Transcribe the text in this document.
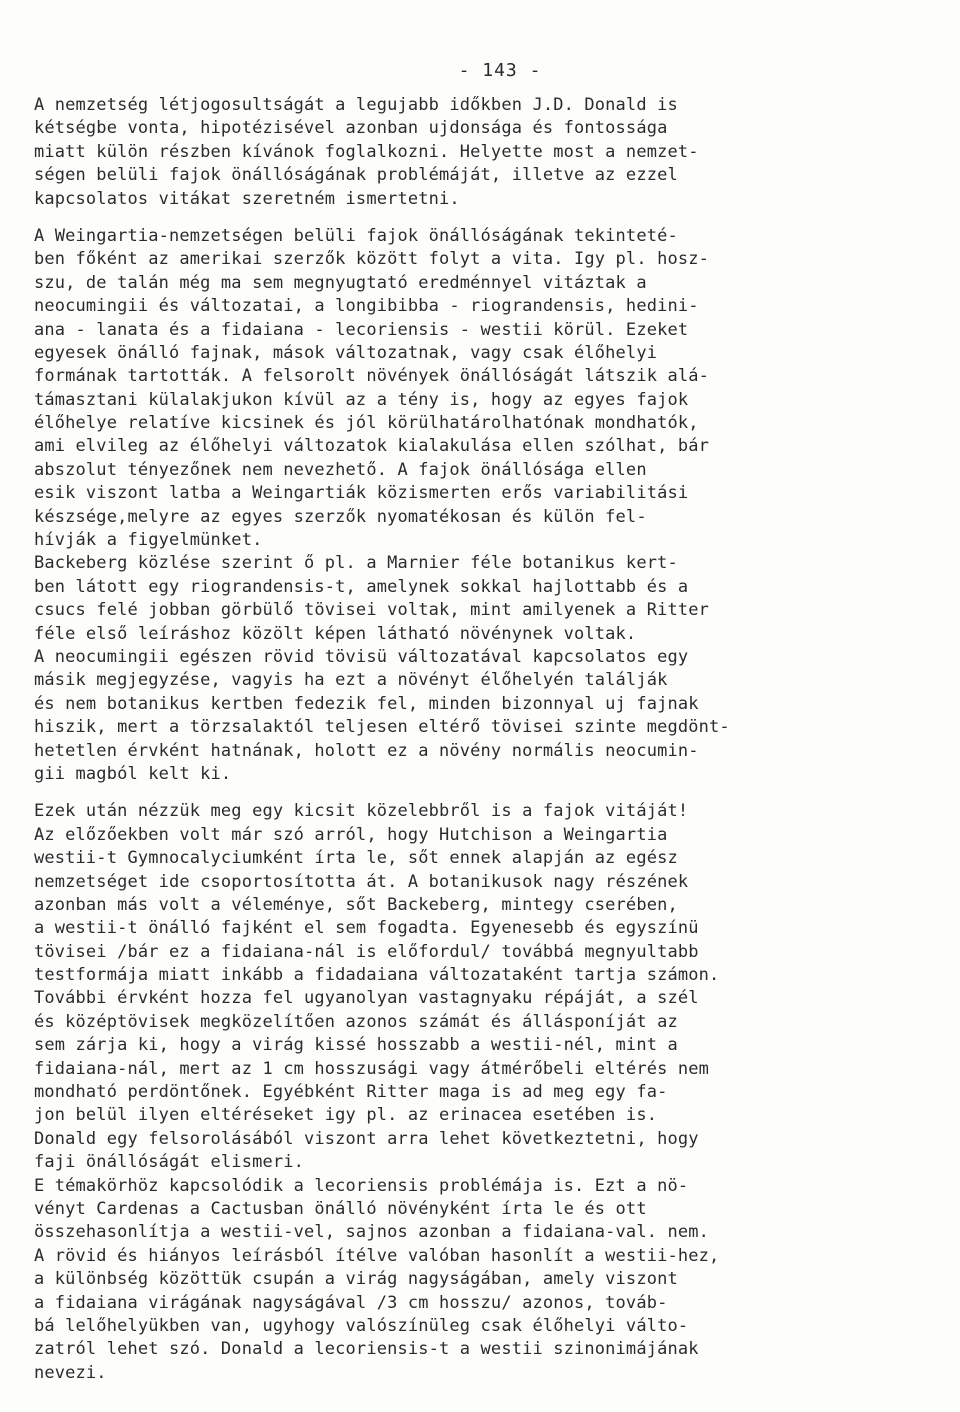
- 143 -
A nemzetség létjogosultságát a legujabb időkben J.D. Donald is
kétségbe vonta, hipotézisével azonban ujdonsága és fontossága
miatt külön részben kívánok foglalkozni. Helyette most a nemzet-
ségen belüli fajok önállóságának problémáját, illetve az ezzel
kapcsolatos vitákat szeretném ismertetni.
A Weingartia-nemzetségen belüli fajok önállóságának tekinteté-
ben főként az amerikai szerzők között folyt a vita. Igy pl. hosz-
szu, de talán még ma sem megnyugtató eredménnyel vitáztak a
neocumingii és változatai, a longibibba - riograndensis, hedini-
ana - lanata és a fidaiana - lecoriensis - westii körül. Ezeket
egyesek önálló fajnak, mások változatnak, vagy csak élőhelyi
formának tartották. A felsorolt növények önállóságát látszik alá-
támasztani külalakjukon kívül az a tény is, hogy az egyes fajok
élőhelye relatíve kicsinek és jól körülhatárolhatónak mondhatók,
ami elvileg az élőhelyi változatok kialakulása ellen szólhat, bár
abszolut tényezőnek nem nevezhető. A fajok önállósága ellen
esik viszont latba a Weingartiák közismerten erős variabilitási
készsége,melyre az egyes szerzők nyomatékosan és külön fel-
hívják a figyelmünket.
Backeberg közlése szerint ő pl. a Marnier féle botanikus kert-
ben látott egy riograndensis-t, amelynek sokkal hajlottabb és a
csucs felé jobban görbülő tövisei voltak, mint amilyenek a Ritter
féle első leíráshoz közölt képen látható növénynek voltak.
A neocumingii egészen rövid tövisü változatával kapcsolatos egy
másik megjegyzése, vagyis ha ezt a növényt élőhelyén találják
és nem botanikus kertben fedezik fel, minden bizonnyal uj fajnak
hiszik, mert a törzsalaktól teljesen eltérő tövisei szinte megdönt-
hetetlen érvként hatnának, holott ez a növény normális neocumin-
gii magból kelt ki.
Ezek után nézzük meg egy kicsit közelebbről is a fajok vitáját!
Az előzőekben volt már szó arról, hogy Hutchison a Weingartia
westii-t Gymnocalyciumként írta le, sőt ennek alapján az egész
nemzetséget ide csoportosította át. A botanikusok nagy részének
azonban más volt a véleménye, sőt Backeberg, mintegy cserében,
a westii-t önálló fajként el sem fogadta. Egyenesebb és egyszínü
tövisei /bár ez a fidaiana-nál is előfordul/ továbbá megnyultabb
testformája miatt inkább a fidadaiana változataként tartja számon.
További érvként hozza fel ugyanolyan vastagnyaku répáját, a szél
és középtövisek megközelítően azonos számát és állásponíját az
sem zárja ki, hogy a virág kissé hosszabb a westii-nél, mint a
fidaiana-nál, mert az 1 cm hosszusági vagy átmérőbeli eltérés nem
mondható perdöntőnek. Egyébként Ritter maga is ad meg egy fa-
jon belül ilyen eltéréseket igy pl. az erinacea esetében is.
Donald egy felsorolásából viszont arra lehet következtetni, hogy
faji önállóságát elismeri.
E témakörhöz kapcsolódik a lecoriensis problémája is. Ezt a nö-
vényt Cardenas a Cactusban önálló növényként írta le és ott
összehasonlítja a westii-vel, sajnos azonban a fidaiana-val. nem.
A rövid és hiányos leírásból ítélve valóban hasonlít a westii-hez,
a különbség közöttük csupán a virág nagyságában, amely viszont
a fidaiana virágának nagyságával /3 cm hosszu/ azonos, továb-
bá lelőhelyükben van, ugyhogy valószínüleg csak élőhelyi válto-
zatról lehet szó. Donald a lecoriensis-t a westii szinonimájának
nevezi.
